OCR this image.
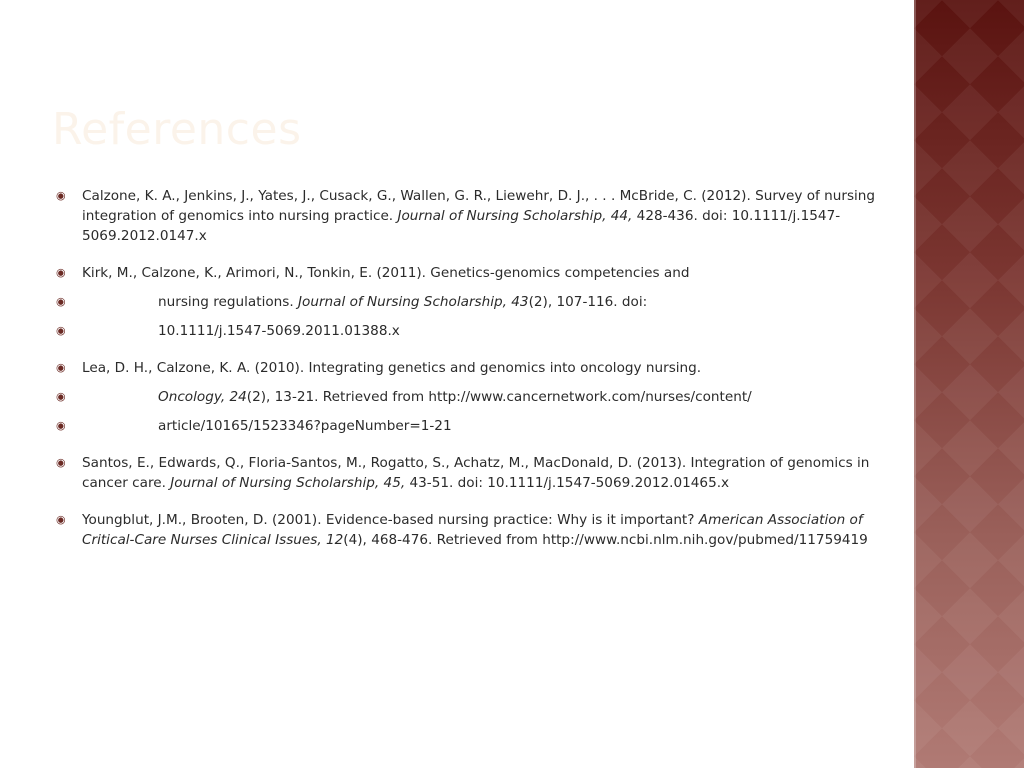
References
◉ Calzone, K. A., Jenkins, J., Yates, J., Cusack, G., Wallen, G. R., Liewehr, D. J., . . . McBride, C. (2012). Survey of nursing integration of genomics into nursing practice. Journal of Nursing Scholarship, 44, 428-436. doi: 10.1111/j.1547-5069.2012.0147.x
◉ Kirk, M., Calzone, K., Arimori, N., Tonkin, E. (2011). Genetics-genomics competencies and
◉	nursing regulations. Journal of Nursing Scholarship, 43(2), 107-116. doi:
◉	10.1111/j.1547-5069.2011.01388.x
◉ Lea, D. H., Calzone, K. A. (2010). Integrating genetics and genomics into oncology nursing.
◉	Oncology, 24(2), 13-21. Retrieved from http://www.cancernetwork.com/nurses/content/
◉	article/10165/1523346?pageNumber=1-21
◉ Santos, E., Edwards, Q., Floria-Santos, M., Rogatto, S., Achatz, M., MacDonald, D. (2013). Integration of genomics in cancer care. Journal of Nursing Scholarship, 45, 43-51. doi: 10.1111/j.1547-5069.2012.01465.x
◉ Youngblut, J.M., Brooten, D. (2001). Evidence-based nursing practice: Why is it important? American Association of Critical-Care Nurses Clinical Issues, 12(4), 468-476. Retrieved from http://www.ncbi.nlm.nih.gov/pubmed/11759419
